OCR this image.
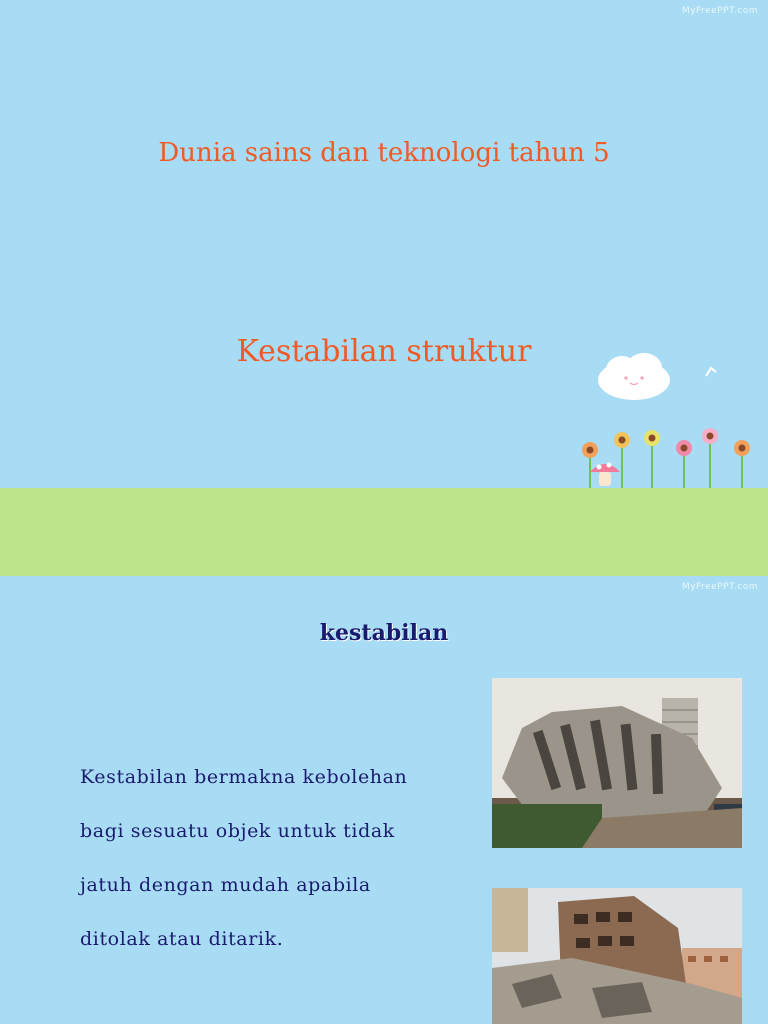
MyFreePPT.com
Dunia sains dan teknologi tahun 5
Kestabilan struktur
MyFreePPT.com
kestabilan
Kestabilan bermakna kebolehan
bagi sesuatu objek untuk tidak
jatuh dengan mudah apabila
ditolak atau ditarik.
